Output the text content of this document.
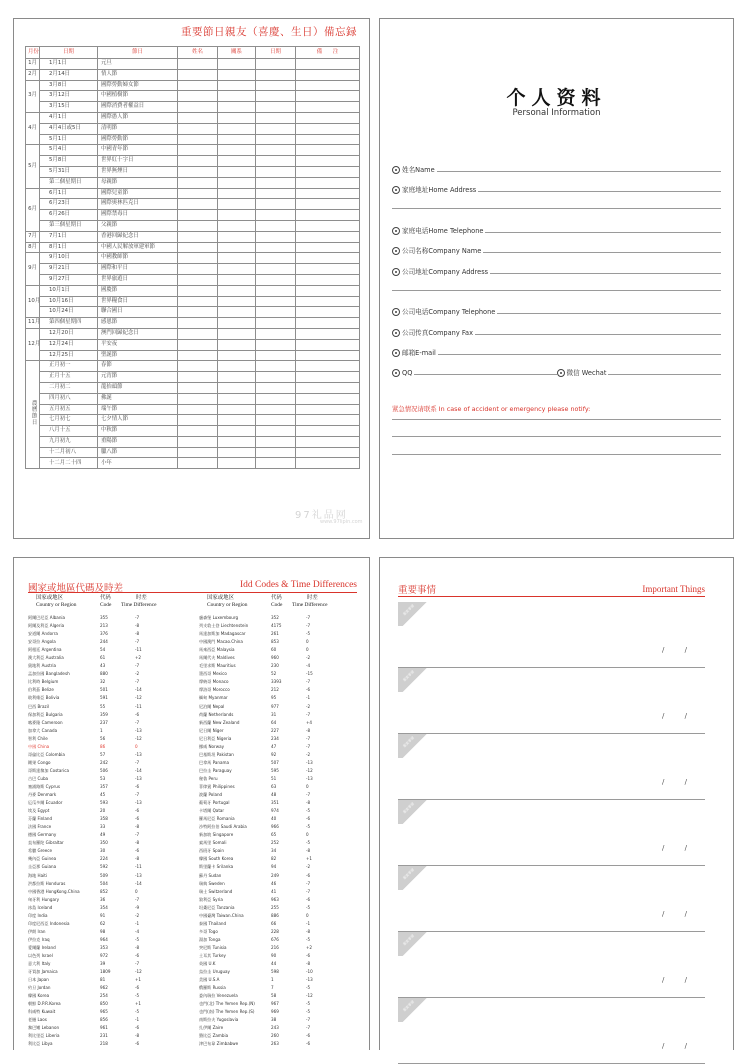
重要節日親友（喜慶、生日）備忘録
月份	日期	節日	姓名	關系	日期	備　　注
1月	1月1日	元旦				
2月	2月14日	情人節				
3月	3月8日	國際勞動婦女節				
	3月12日	中國植樹節				
	3月15日	國際消費者權益日				
4月	4月1日	國際愚人節				
	4月4日或5日	清明節				
	5月1日	國際勞動節				
5月	5月4日	中國青年節				
	5月8日	世界紅十字日				
	5月31日	世界無煙日				
	第二個星期日	母親節				
6月	6月1日	國際兒童節				
	6月23日	國際奧林匹克日				
	6月26日	國際禁毒日				
	第三個星期日	父親節				
7月	7月1日	香港回歸紀念日				
8月	8月1日	中國人民解放軍建軍節				
9月	9月10日	中國教師節				
	9月21日	國際和平日				
	9月27日	世界旅遊日				
10月	10月1日	國慶節				
	10月16日	世界糧食日				
	10月24日	聯合國日				
11月	第四個星期四	感恩節				
12月	12月20日	澳門回歸紀念日				
	12月24日	平安夜				
	12月25日	聖誕節				
農曆節日	正月初一	春節				
	正月十五	元宵節				
	二月初二	龍抬頭節				
	四月初八	佛誕				
	五月初五	端午節				
	七月初七	七夕情人節				
	八月十五	中秋節				
	九月初九	重陽節				
	十二月初八	臘八節				
	十二月二十四	小年				
个人资料
Personal Information
姓名Name
家庭地址Home Address
家庭电话Home Telephone
公司名称Company Name
公司地址Company Address
公司电话Company Telephone
公司传真Company Fax
邮箱E-mail
QQ	微信 Wechat
紧急情况请联系 In case of accident or emergency please notify:
97礼品网
www.97lipin.com
國家或地區代碼及時差	Idd Codes & Time Differences
国家或地区
Country or Region
代码
Code
时差
Time Difference
阿爾巴尼亞 Albania	355	-7
阿爾及利亞 Algeria	213	-8
安道爾 Andorra	376	-8
安哥拉 Angola	244	-7
阿根廷 Argentina	54	-11
澳大利亞 Australia	61	+2
奧地利 Austria	43	-7
孟加拉國 Bangladesh	880	-2
比利時 Belgium	32	-7
伯利茲 Belize	501	-14
玻利維亞 Bolivia	591	-12
巴西 Brazil	55	-11
保加利亞 Bulgaria	359	-6
喀麥隆 Cameroon	237	-7
加拿大 Canada	1	-13
智利 Chile	56	-12
中國 China	86	0
哥倫比亞 Colombia	57	-13
剛果 Congo	242	-7
哥斯達黎加 Costarica	506	-14
古巴 Cuba	53	-13
塞浦路斯 Cyprus	357	-6
丹麥 Denmark	45	-7
厄瓜多爾 Ecuador	593	-13
埃及 Egypt	20	-6
芬蘭 Finland	358	-6
法國 France	33	-8
德國 Germany	49	-7
直布羅陀 Gibraltar	350	-8
希臘 Greece	30	-6
幾內亞 Guinea	224	-8
圭亞那 Guiana	592	-11
海地 Haiti	509	-13
洪都拉斯 Honduras	504	-14
中國香港 HongKong.China	852	0
匈牙利 Hungary	36	-7
冰島 Iceland	354	-9
印度 India	91	-2
印度尼西亞 Indonesia	62	-1
伊朗 Iran	98	-4
伊拉克 Iraq	964	-5
愛爾蘭 Ireland	353	-8
以色列 Israel	972	-6
意大利 Italy	39	-7
牙買加 Jamaica	1809	-12
日本 Japan	81	+1
約旦 Jordan	962	-6
韓國 Korea	254	-5
朝鮮 D.P.R.Korea	850	+1
科威特 Kuwait	965	-5
老撾 Laos	856	-1
黎巴嫩 Lebanon	961	-6
利比里亞 Liberia	231	-8
利比亞 Libya	218	-6
国家或地区
Country or Region
代码
Code
时差
Time Difference
盧森堡 Luxembourg	352	-7
列支敦士登 Liechtenstein	4175	-7
馬達加斯加 Madagascar	261	-5
中國澳門 Macao.China	853	0
馬來西亞 Malaysia	60	0
馬爾代夫 Maldives	960	-2
毛里求斯 Mauritius	230	-4
墨西哥 Mexico	52	-15
摩納哥 Monaco	3393	-7
摩洛哥 Morocco	212	-6
緬甸 Myanmar	95	-1
尼泊爾 Nepal	977	-2
荷蘭 Netherlands	31	-7
新西蘭 New Zealand	64	+4
尼日爾 Niger	227	-8
尼日利亞 Nigeria	234	-7
挪威 Norway	47	-7
巴基斯坦 Pakistan	92	-2
巴拿馬 Panama	507	-13
巴拉圭 Paraguay	595	-12
秘魯 Peru	51	-13
菲律賓 Philippines	63	0
波蘭 Poland	48	-7
葡萄牙 Portugal	351	-8
卡塔爾 Qatar	974	-5
羅馬尼亞 Romania	40	-6
沙特阿拉伯 Saudi Arabia	966	-5
新加坡 Singapore	65	0
索馬里 Somali	252	-5
西班牙 Spain	34	-8
韓國 South Korea	82	+1
斯里蘭卡 Srilanka	94	-2
蘇丹 Sudan	249	-6
瑞典 Sweden	46	-7
瑞士 Switzerland	41	-7
敘利亞 Syria	963	-6
坦桑尼亞 Tanzania	255	-5
中國臺灣 Taiwan.China	886	0
泰國 Thailand	66	-1
多哥 Togo	228	-8
湯加 Tonga	676	-5
突尼斯 Tunisia	216	+2
土耳其 Turkey	90	-6
英國 U.K	44	-8
烏拉圭 Uruguay	598	-10
美國 U.S.A	1	-13
俄羅斯 Russia	7	-5
委內瑞拉 Venezuela	58	-12
也門(北) The Yemen Rep.(N)	967	-5
也門(南) The Yemen Rep.(S)	969	-5
南斯拉夫 Yugoslavia	38	-7
扎伊爾 Zaire	243	-7
贊比亞 Zambia	260	-6
津巴布韋 Zimbabwe	263	-6
重要事情	Important Things
重要事情
/ /
重要事情
/ /
重要事情
/ /
重要事情
/ /
重要事情
/ /
重要事情
/ /
重要事情
/ /
